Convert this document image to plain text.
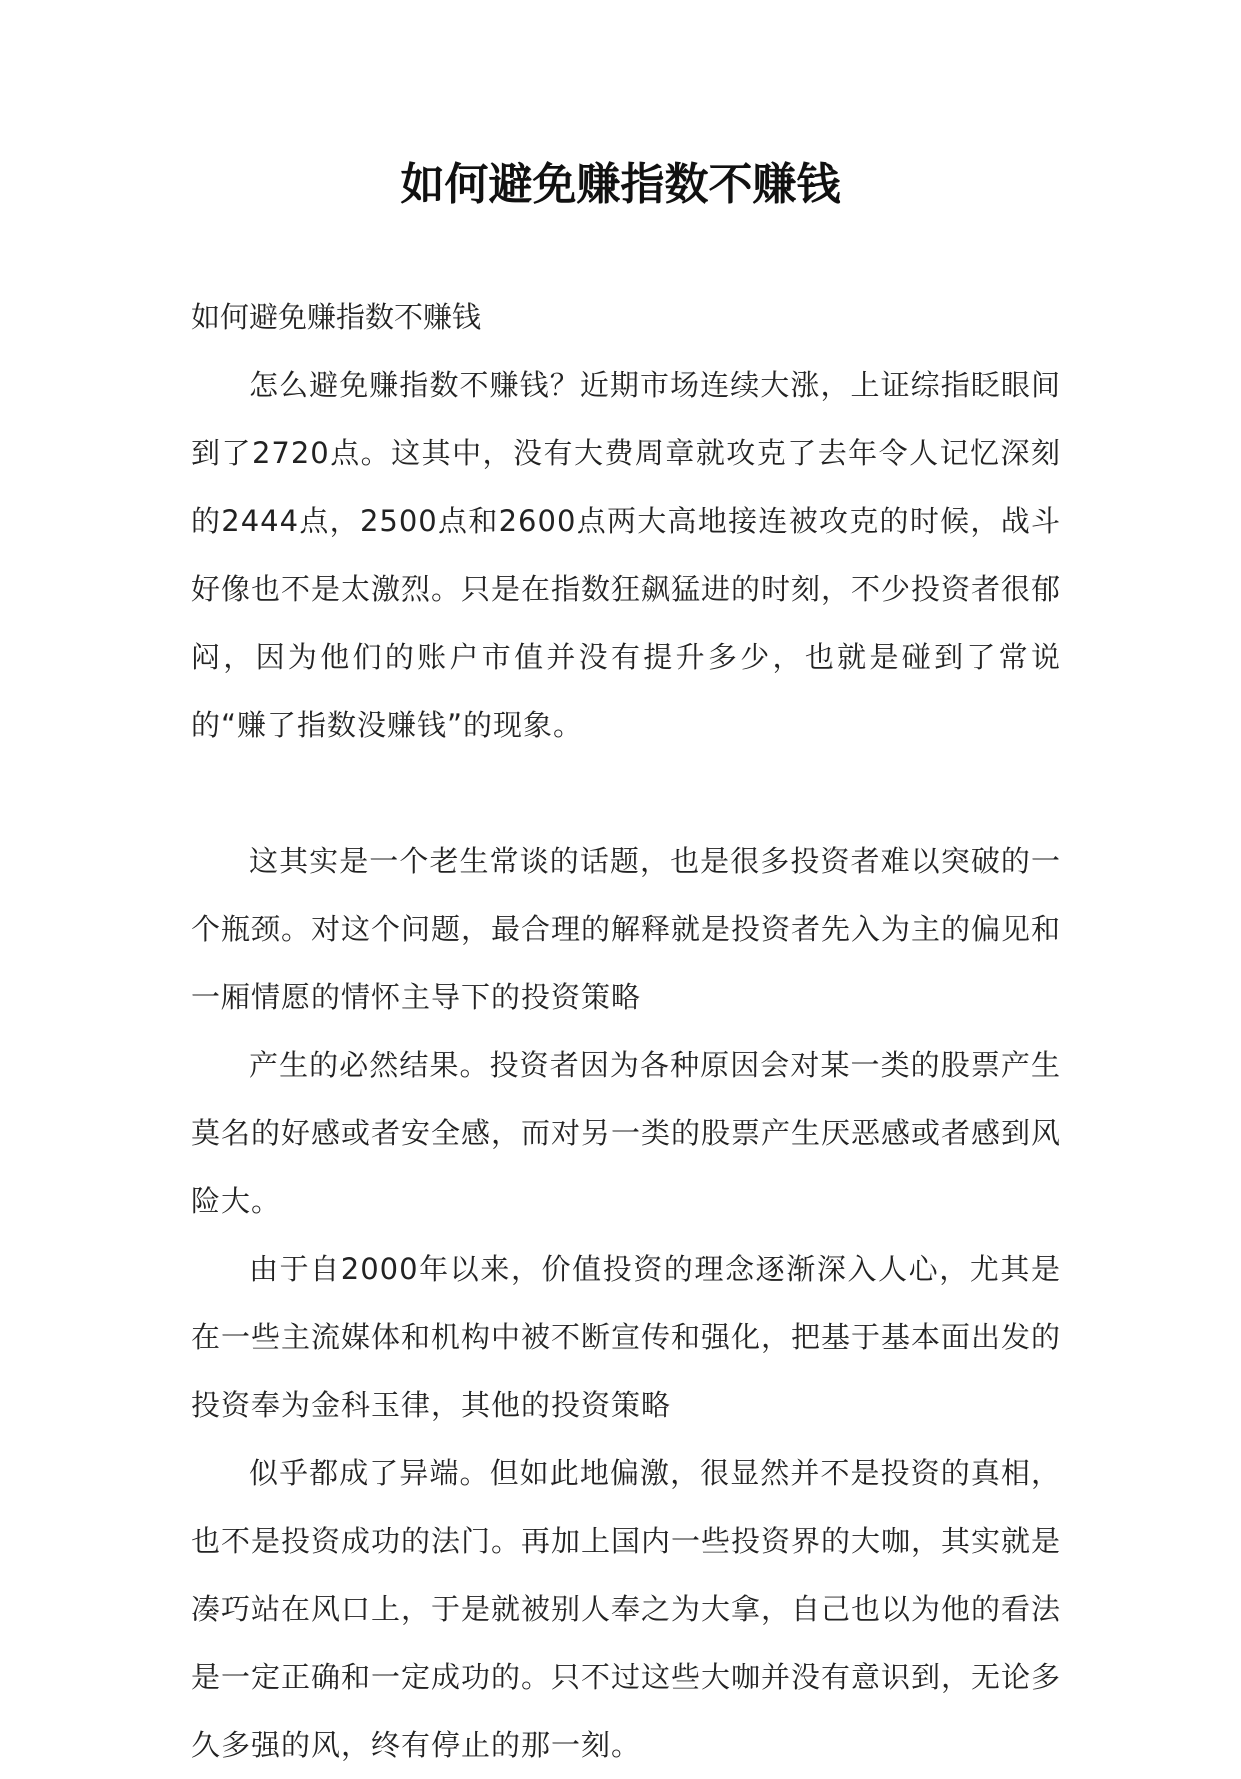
如何避免赚指数不赚钱

如何避免赚指数不赚钱

怎么避免赚指数不赚钱？近期市场连续大涨，上证综指眨眼间到了2720点。这其中，没有大费周章就攻克了去年令人记忆深刻的2444点，2500点和2600点两大高地接连被攻克的时候，战斗好像也不是太激烈。只是在指数狂飙猛进的时刻，不少投资者很郁闷，因为他们的账户市值并没有提升多少，也就是碰到了常说的“赚了指数没赚钱”的现象。

这其实是一个老生常谈的话题，也是很多投资者难以突破的一个瓶颈。对这个问题，最合理的解释就是投资者先入为主的偏见和一厢情愿的情怀主导下的投资策略

产生的必然结果。投资者因为各种原因会对某一类的股票产生莫名的好感或者安全感，而对另一类的股票产生厌恶感或者感到风险大。

由于自2000年以来，价值投资的理念逐渐深入人心，尤其是在一些主流媒体和机构中被不断宣传和强化，把基于基本面出发的投资奉为金科玉律，其他的投资策略

似乎都成了异端。但如此地偏激，很显然并不是投资的真相，也不是投资成功的法门。再加上国内一些投资界的大咖，其实就是凑巧站在风口上，于是就被别人奉之为大拿，自己也以为他的看法是一定正确和一定成功的。只不过这些大咖并没有意识到，无论多久多强的风，终有停止的那一刻。
